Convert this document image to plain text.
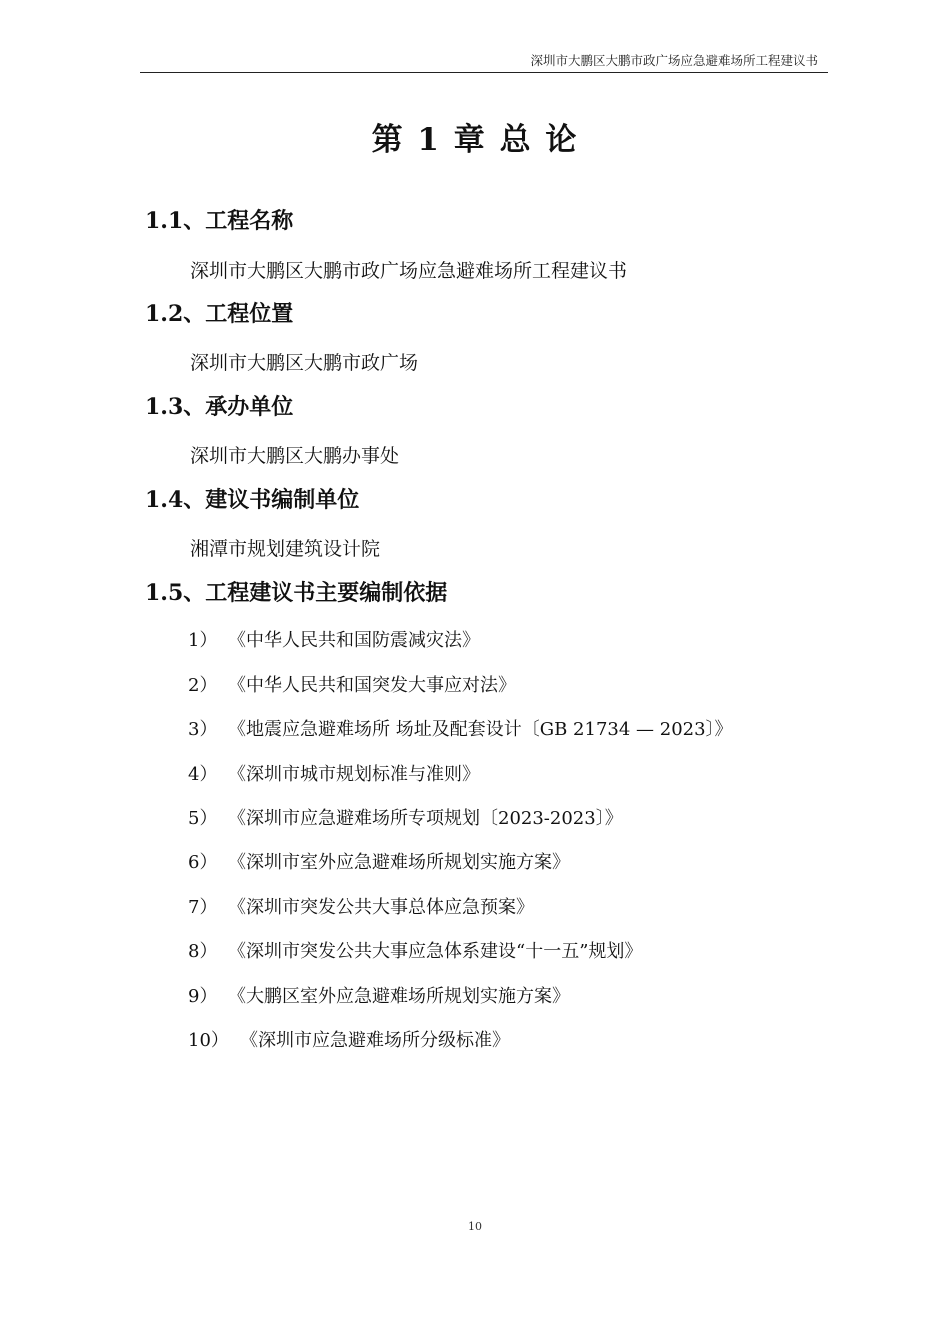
深圳市大鹏区大鹏市政广场应急避难场所工程建议书
第 1 章 总 论
1.1、工程名称
深圳市大鹏区大鹏市政广场应急避难场所工程建议书
1.2、工程位置
深圳市大鹏区大鹏市政广场
1.3、承办单位
深圳市大鹏区大鹏办事处
1.4、建议书编制单位
湘潭市规划建筑设计院
1.5、工程建议书主要编制依据
1） 《中华人民共和国防震减灾法》
2） 《中华人民共和国突发大事应对法》
3） 《地震应急避难场所 场址及配套设计〔GB 21734 — 2023〕》
4） 《深圳市城市规划标准与准则》
5） 《深圳市应急避难场所专项规划〔2023-2023〕》
6） 《深圳市室外应急避难场所规划实施方案》
7） 《深圳市突发公共大事总体应急预案》
8） 《深圳市突发公共大事应急体系建设“十一五”规划》
9） 《大鹏区室外应急避难场所规划实施方案》
10） 《深圳市应急避难场所分级标准》
10
